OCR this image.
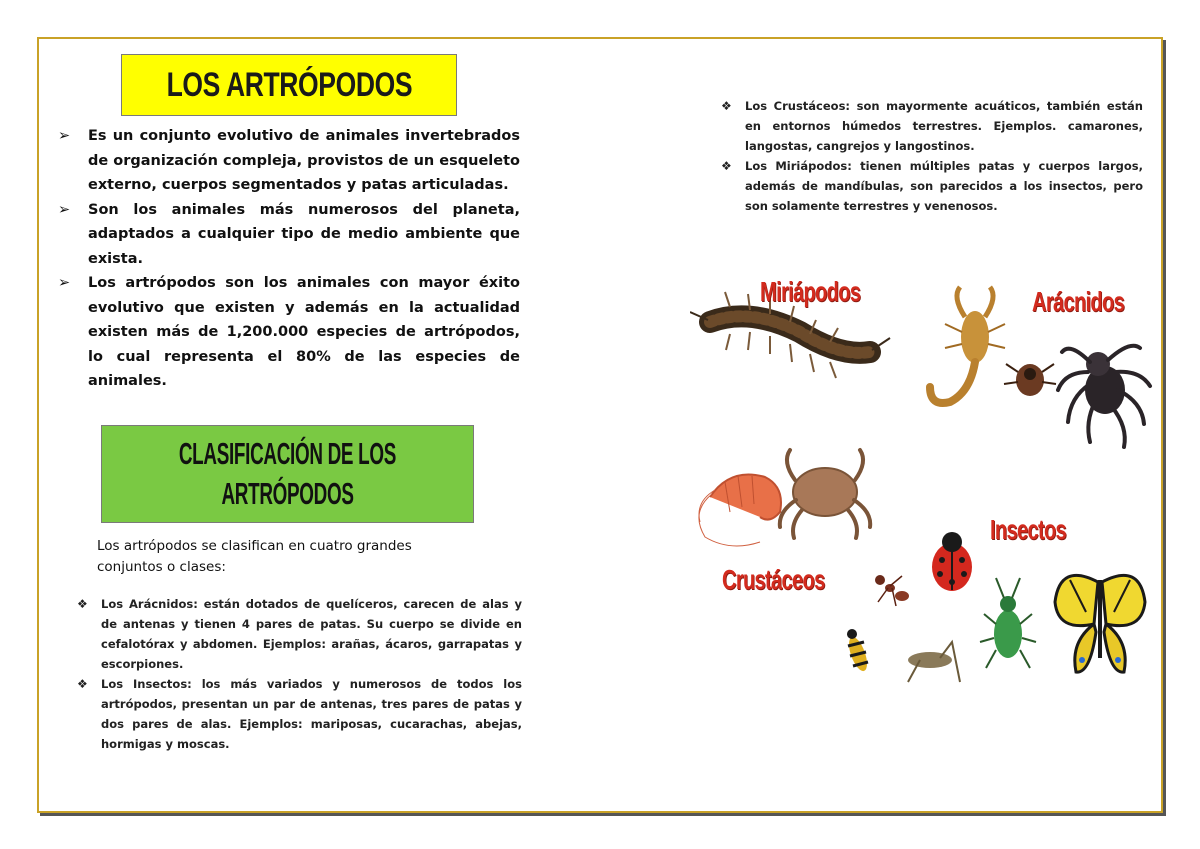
LOS ARTRÓPODOS
➢ Es un conjunto evolutivo de animales invertebrados de organización compleja, provistos de un esqueleto externo, cuerpos segmentados y patas articuladas.
➢ Son los animales más numerosos del planeta, adaptados a cualquier tipo de medio ambiente que exista.
➢ Los artrópodos son los animales con mayor éxito evolutivo que existen y además en la actualidad existen más de 1,200.000 especies de artrópodos, lo cual representa el 80% de las especies de animales.
CLASIFICACIÓN DE LOS
ARTRÓPODOS
Los artrópodos se clasifican en cuatro grandes conjuntos o clases:
❖ Los Arácnidos: están dotados de quelíceros, carecen de alas y de antenas y tienen 4 pares de patas. Su cuerpo se divide en cefalotórax y abdomen. Ejemplos: arañas, ácaros, garrapatas y escorpiones.
❖ Los Insectos: los más variados y numerosos de todos los artrópodos, presentan un par de antenas, tres pares de patas y dos pares de alas. Ejemplos: mariposas, cucarachas, abejas, hormigas y moscas.
❖ Los Crustáceos: son mayormente acuáticos, también están en entornos húmedos terrestres. Ejemplos. camarones, langostas, cangrejos y langostinos.
❖ Los Miriápodos: tienen múltiples patas y cuerpos largos, además de mandíbulas, son parecidos a los insectos, pero son solamente terrestres y venenosos.
Miriápodos	Arácnidos
Crustáceos
Insectos
